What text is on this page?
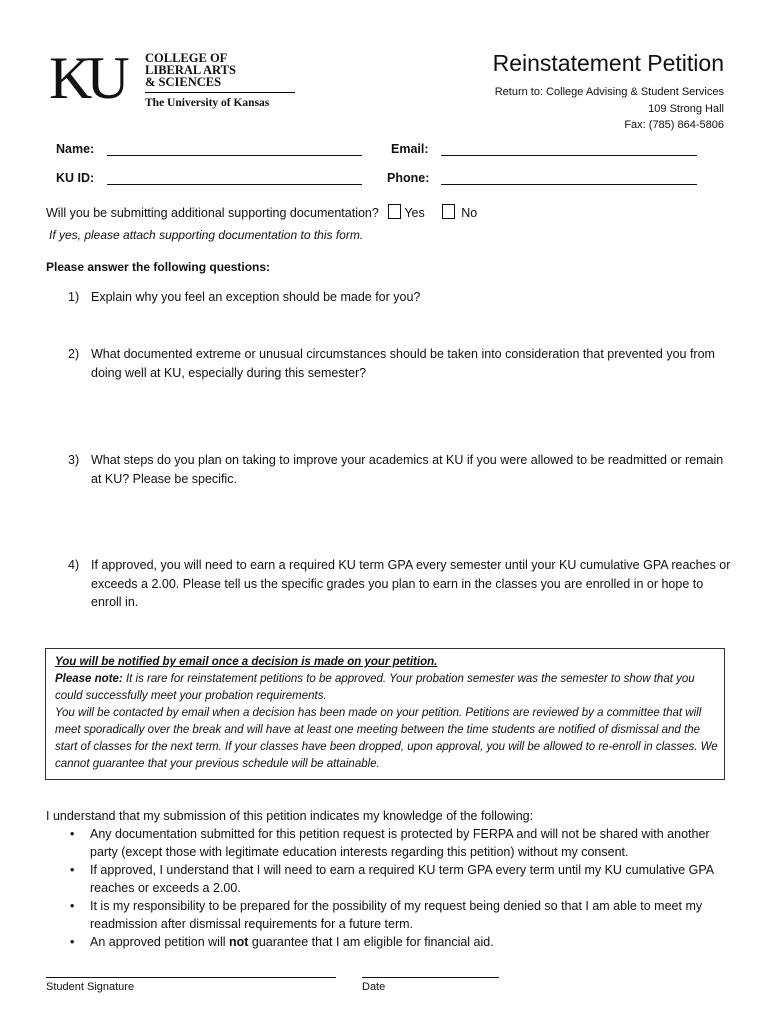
KU COLLEGE OF
LIBERAL ARTS
& SCIENCES
The University of Kansas
Reinstatement Petition
Return to: College Advising & Student Services
109 Strong Hall
Fax: (785) 864-5806
Name:	Email:
KU ID:	Phone:
Will you be submitting additional supporting documentation? Yes	No
If yes, please attach supporting documentation to this form.
Please answer the following questions:
1) Explain why you feel an exception should be made for you?
2) What documented extreme or unusual circumstances should be taken into consideration that prevented you from doing well at KU, especially during this semester?
3) What steps do you plan on taking to improve your academics at KU if you were allowed to be readmitted or remain at KU? Please be specific.
4) If approved, you will need to earn a required KU term GPA every semester until your KU cumulative GPA reaches or exceeds a 2.00. Please tell us the specific grades you plan to earn in the classes you are enrolled in or hope to enroll in.
You will be notified by email once a decision is made on your petition.
Please note: It is rare for reinstatement petitions to be approved. Your probation semester was the semester to show that you could successfully meet your probation requirements.
You will be contacted by email when a decision has been made on your petition. Petitions are reviewed by a committee that will meet sporadically over the break and will have at least one meeting between the time students are notified of dismissal and the start of classes for the next term. If your classes have been dropped, upon approval, you will be allowed to re-enroll in classes. We cannot guarantee that your previous schedule will be attainable.
I understand that my submission of this petition indicates my knowledge of the following:
• Any documentation submitted for this petition request is protected by FERPA and will not be shared with another party (except those with legitimate education interests regarding this petition) without my consent.
• If approved, I understand that I will need to earn a required KU term GPA every term until my KU cumulative GPA reaches or exceeds a 2.00.
• It is my responsibility to be prepared for the possibility of my request being denied so that I am able to meet my readmission after dismissal requirements for a future term.
• An approved petition will not guarantee that I am eligible for financial aid.
Student Signature	Date
